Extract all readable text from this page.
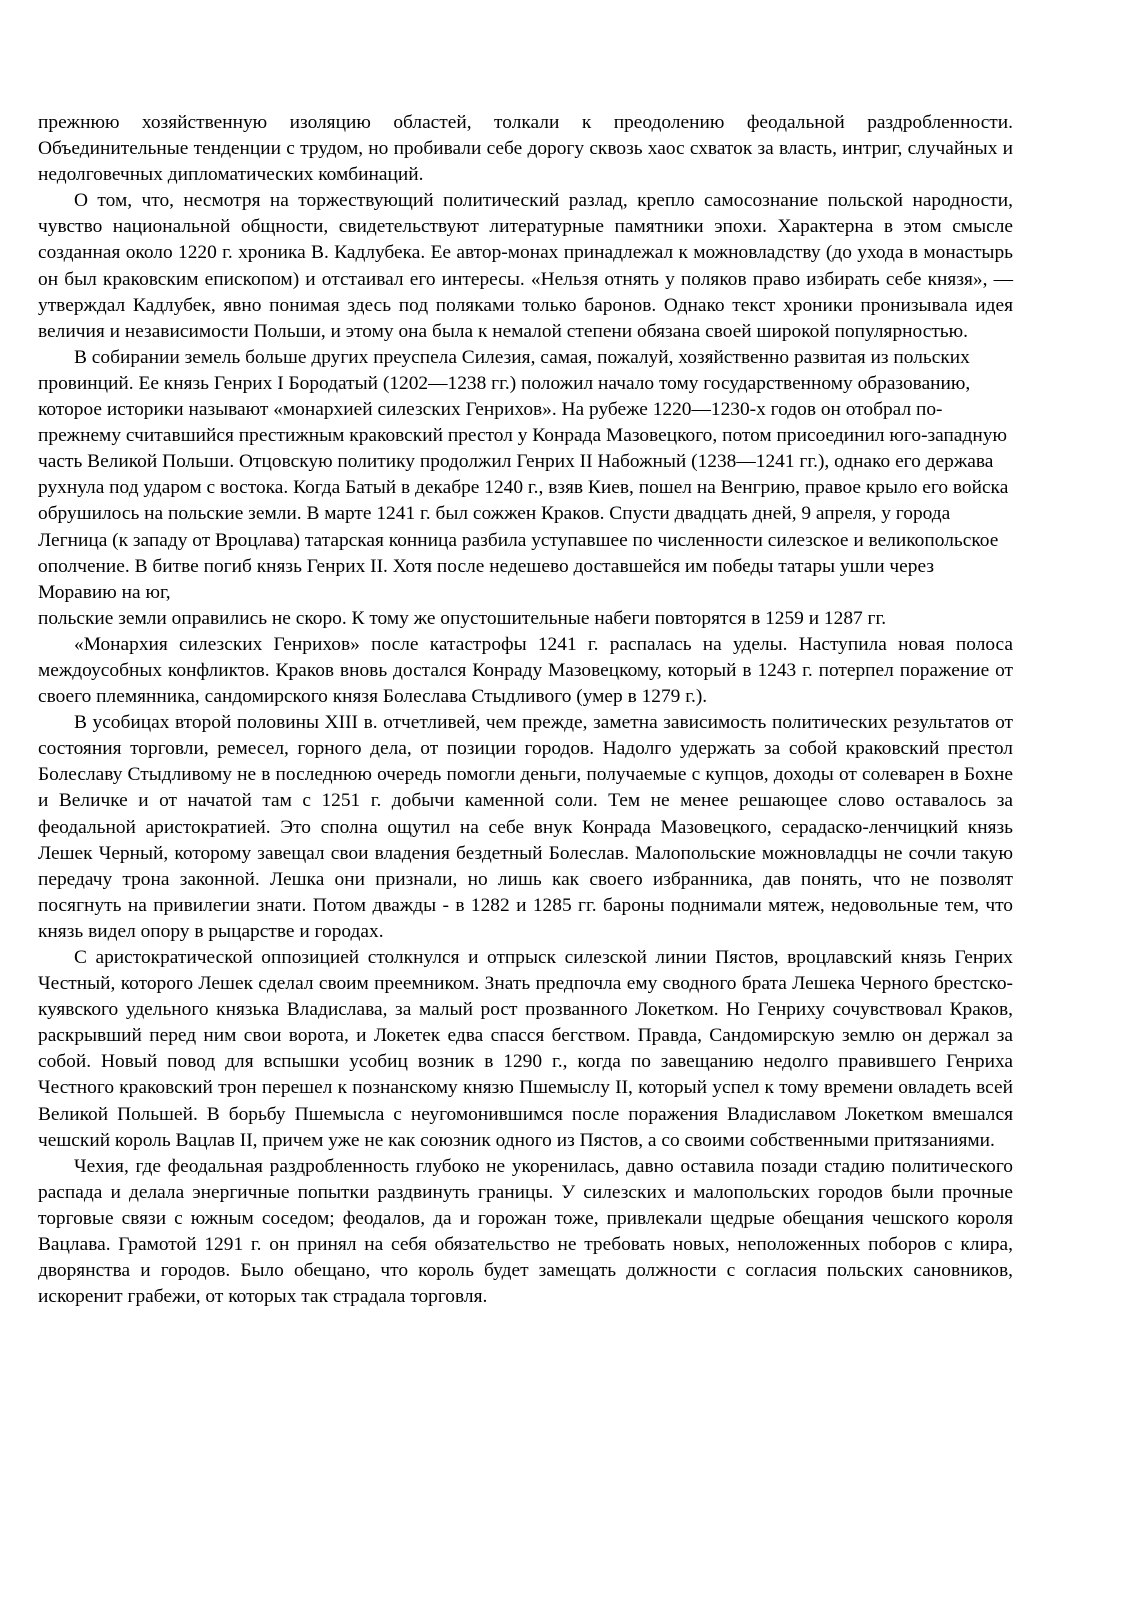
прежнюю хозяйственную изоляцию областей, толкали к преодолению феодальной раздробленности. Объединительные тенденции с трудом, но пробивали себе дорогу сквозь хаос схваток за власть, интриг, случайных и недолговечных дипломатических комбинаций.

О том, что, несмотря на торжествующий политический разлад, крепло самосознание польской народности, чувство национальной общности, свидетельствуют литературные памятники эпохи. Характерна в этом смысле созданная около 1220 г. хроника В. Кадлубека. Ее автор-монах принадлежал к можновладству (до ухода в монастырь он был краковским епископом) и отстаивал его интересы. «Нельзя отнять у поляков право избирать себе князя», — утверждал Кадлубек, явно понимая здесь под поляками только баронов. Однако текст хроники пронизывала идея величия и независимости Польши, и этому она была к немалой степени обязана своей широкой популярностью.

В собирании земель больше других преуспела Силезия, самая, пожалуй, хозяйственно развитая из польских провинций. Ее князь Генрих I Бородатый (1202—1238 гг.) положил начало тому государственному образованию, которое историки называют «монархией силезских Генрихов». На рубеже 1220—1230-х годов он отобрал по-прежнему считавшийся престижным краковский престол у Конрада Мазовецкого, потом присоединил юго-западную часть Великой Польши. Отцовскую политику продолжил Генрих II Набожный (1238—1241 гг.), однако его держава рухнула под ударом с востока. Когда Батый в декабре 1240 г., взяв Киев, пошел на Венгрию, правое крыло его войска обрушилось на польские земли. В марте 1241 г. был сожжен Краков. Спусти двадцать дней, 9 апреля, у города Легница (к западу от Вроцлава) татарская конница разбила уступавшее по численности силезское и великопольское ополчение. В битве погиб князь Генрих II. Хотя после недешево доставшейся им победы татары ушли через Моравию на юг,

польские земли оправились не скоро. К тому же опустошительные набеги повторятся в 1259 и 1287 гг.

«Монархия силезских Генрихов» после катастрофы 1241 г. распалась на уделы. Наступила новая полоса междоусобных конфликтов. Краков вновь достался Конраду Мазовецкому, который в 1243 г. потерпел поражение от своего племянника, сандомирского князя Болеслава Стыдливого (умер в 1279 г.).

В усобицах второй половины XIII в. отчетливей, чем прежде, заметна зависимость политических результатов от состояния торговли, ремесел, горного дела, от позиции городов. Надолго удержать за собой краковский престол Болеславу Стыдливому не в последнюю очередь помогли деньги, получаемые с купцов, доходы от солеварен в Бохне и Величке и от начатой там с 1251 г. добычи каменной соли. Тем не менее решающее слово оставалось за феодальной аристократией. Это сполна ощутил на себе внук Конрада Мазовецкого, серадаско-ленчицкий князь Лешек Черный, которому завещал свои владения бездетный Болеслав. Малопольские можновладцы не сочли такую передачу трона законной. Лешка они признали, но лишь как своего избранника, дав понять, что не позволят посягнуть на привилегии знати. Потом дважды - в 1282 и 1285 гг. бароны поднимали мятеж, недовольные тем, что князь видел опору в рыцарстве и городах.

С аристократической оппозицией столкнулся и отпрыск силезской линии Пястов, вроцлавский князь Генрих Честный, которого Лешек сделал своим преемником. Знать предпочла ему сводного брата Лешека Черного брестско-куявского удельного князька Владислава, за малый рост прозванного Локетком. Но Генриху сочувствовал Краков, раскрывший перед ним свои ворота, и Локетек едва спасся бегством. Правда, Сандомирскую землю он держал за собой. Новый повод для вспышки усобиц возник в 1290 г., когда по завещанию недолго правившего Генриха Честного краковский трон перешел к познанскому князю Пшемыслу II, который успел к тому времени овладеть всей Великой Польшей. В борьбу Пшемысла с неугомонившимся после поражения Владиславом Локетком вмешался чешский король Вацлав II, причем уже не как союзник одного из Пястов, а со своими собственными притязаниями.

Чехия, где феодальная раздробленность глубоко не укоренилась, давно оставила позади стадию политического распада и делала энергичные попытки раздвинуть границы. У силезских и малопольских городов были прочные торговые связи с южным соседом; феодалов, да и горожан тоже, привлекали щедрые обещания чешского короля Вацлава. Грамотой 1291 г. он принял на себя обязательство не требовать новых, неположенных поборов с клира, дворянства и городов. Было обещано, что король будет замещать должности с согласия польских сановников, искоренит грабежи, от которых так страдала торговля.
